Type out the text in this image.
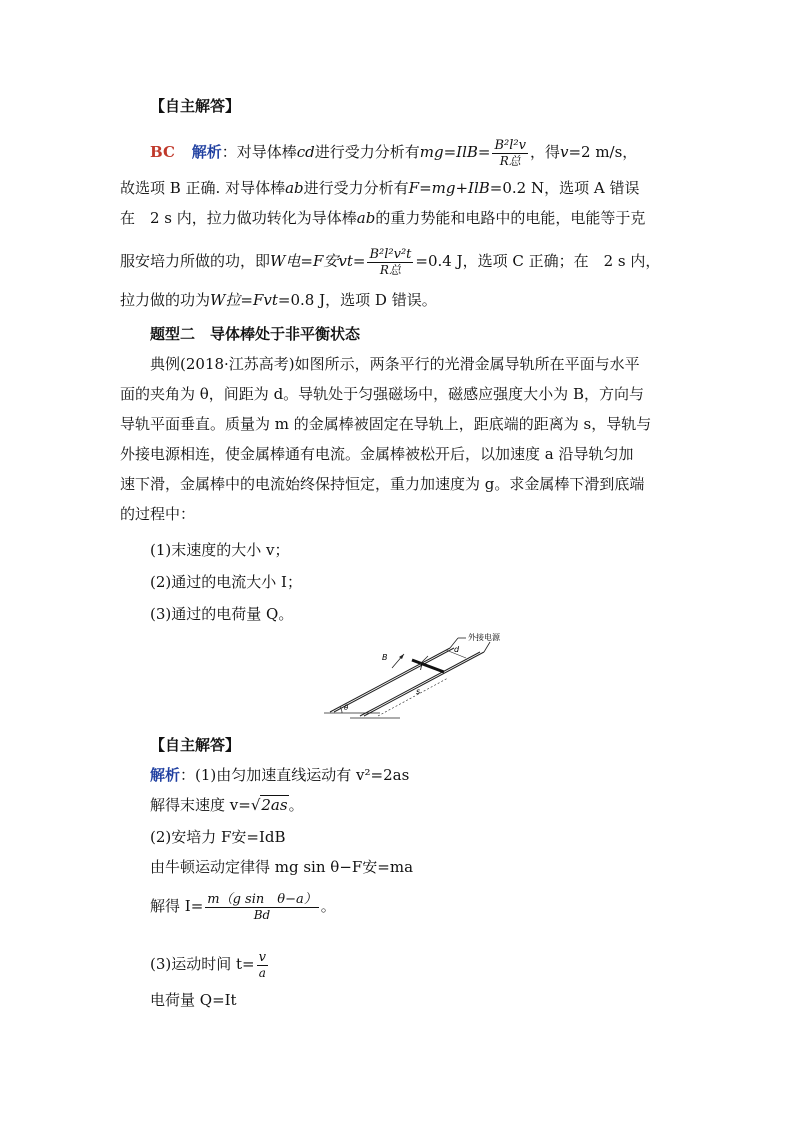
【自主解答】
BC 解析：对导体棒cd进行受力分析有$mg=IlB= \frac{\text{B²l²v}}{\text{R总}}$ ，得v=2 m/s，
故选项 B 正确. 对导体棒ab进行受力分析有F=mg+IlB=0.2 N，选项 A 错误
在　2 s 内，拉力做功转化为导体棒ab的重力势能和电路中的电能，电能等于克
服安培力所做的功，即W电=F安$vt= \frac{\text{B²l²v²t}}{\text{R总}} =0.4$ J，选项 C 正确；在　2 s 内，
拉力做的功为W拉=Fvt=0.8 J，选项 D 错误。
题型二　导体棒处于非平衡状态
典例(2018·江苏高考)如图所示，两条平行的光滑金属导轨所在平面与水平
面的夹角为 θ，间距为 d。导轨处于匀强磁场中，磁感应强度大小为 B，方向与
导轨平面垂直。质量为 m 的金属棒被固定在导轨上，距底端的距离为 s，导轨与
外接电源相连，使金属棒通有电流。金属棒被松开后，以加速度 a 沿导轨匀加
速下滑，金属棒中的电流始终保持恒定，重力加速度为 g。求金属棒下滑到底端
的过程中：
(1)末速度的大小 v；
(2)通过的电流大小 I；
(3)通过的电荷量 Q。
外接电源
B
I
d
s
θ
【自主解答】
解析：(1)由匀加速直线运动有 v²=2as
解得末速度 v=√2as。
(2)安培力 F安=IdB
由牛顿运动定律得 mg sin θ−F安=ma
解得 $I= \frac{\text{m（g sin　θ−a）}}{Bd}$ 。
(3)运动时间 $t= \frac{v}{a}$
电荷量 Q=It
